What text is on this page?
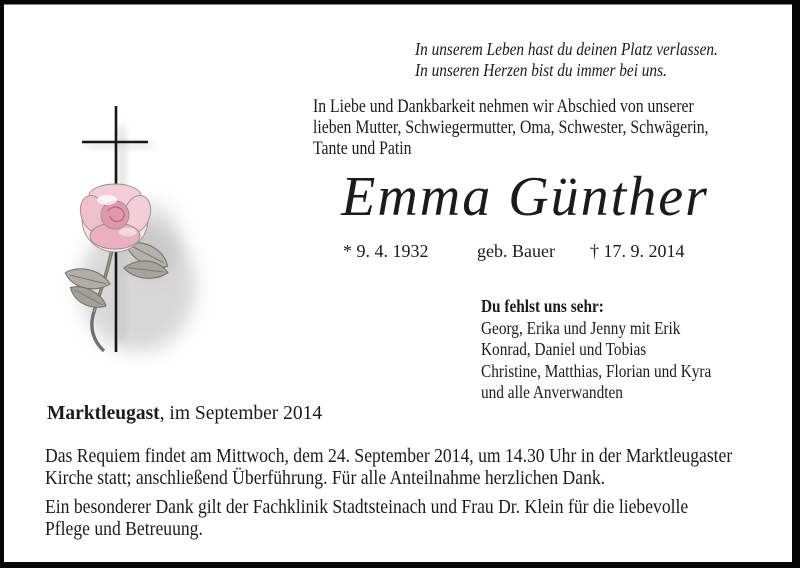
In unserem Leben hast du deinen Platz verlassen.
In unseren Herzen bist du immer bei uns.
In Liebe und Dankbarkeit nehmen wir Abschied von unserer
lieben Mutter, Schwiegermutter, Oma, Schwester, Schwägerin,
Tante und Patin
Emma Günther
* 9. 4. 1932	geb. Bauer † 17. 9. 2014
Du fehlst uns sehr:
Georg, Erika und Jenny mit Erik
Konrad, Daniel und Tobias
Christine, Matthias, Florian und Kyra
und alle Anverwandten
Marktleugast, im September 2014
Das Requiem findet am Mittwoch, dem 24. September 2014, um 14.30 Uhr in der Marktleugaster
Kirche statt; anschließend Überführung. Für alle Anteilnahme herzlichen Dank.
Ein besonderer Dank gilt der Fachklinik Stadtsteinach und Frau Dr. Klein für die liebevolle
Pflege und Betreuung.
